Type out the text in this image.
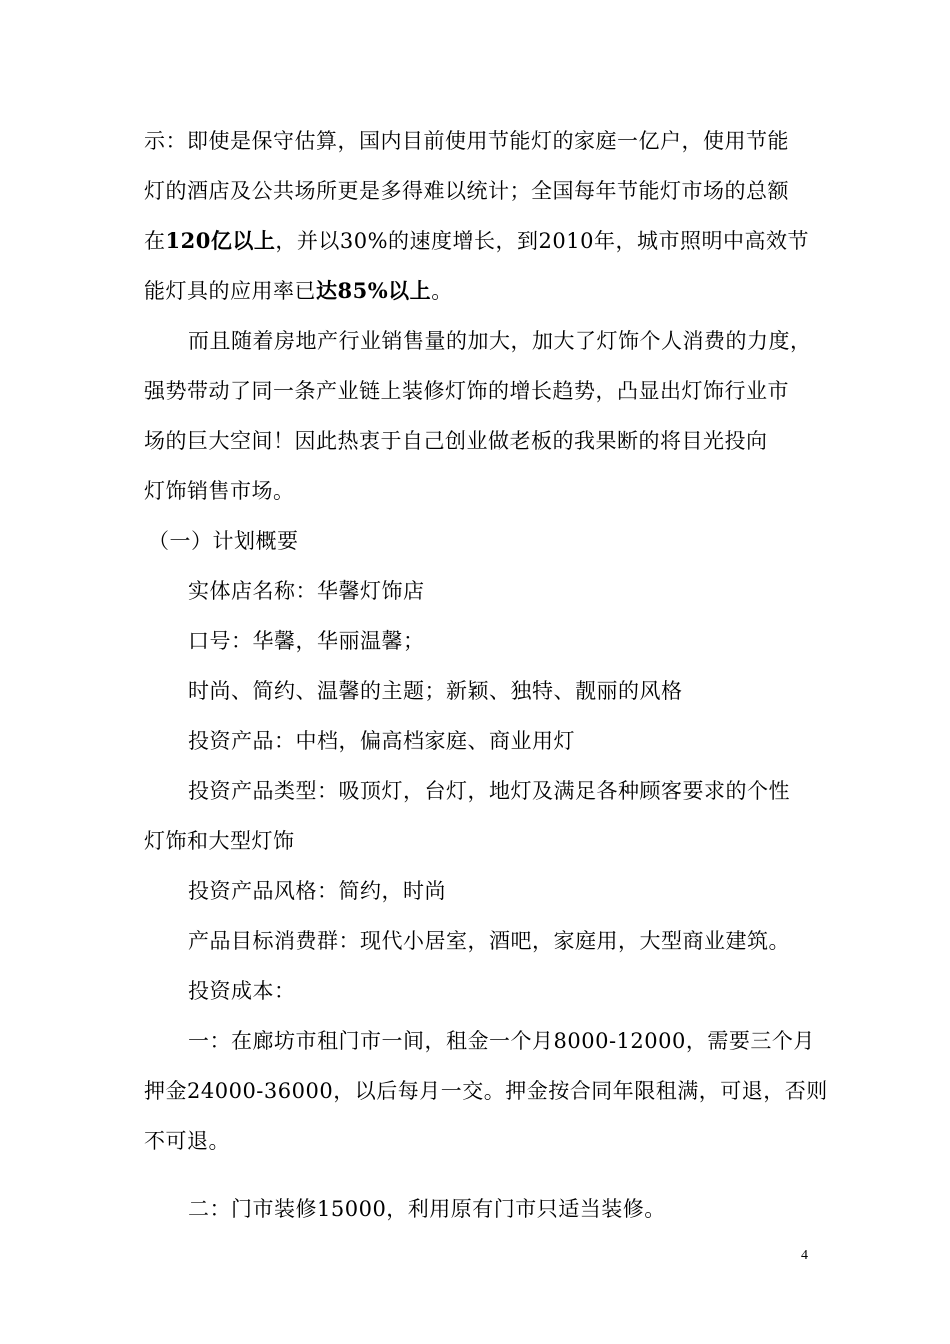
示：即使是保守估算，国内目前使用节能灯的家庭一亿户，使用节能
灯的酒店及公共场所更是多得难以统计；全国每年节能灯市场的总额
在120亿以上，并以30%的速度增长，到2010年，城市照明中高效节
能灯具的应用率已达85%以上。
而且随着房地产行业销售量的加大，加大了灯饰个人消费的力度，
强势带动了同一条产业链上装修灯饰的增长趋势，凸显出灯饰行业市
场的巨大空间！因此热衷于自己创业做老板的我果断的将目光投向
灯饰销售市场。
（一）计划概要
实体店名称：华馨灯饰店
口号：华馨，华丽温馨；
时尚、简约、温馨的主题；新颖、独特、靓丽的风格
投资产品：中档，偏高档家庭、商业用灯
投资产品类型：吸顶灯，台灯，地灯及满足各种顾客要求的个性
灯饰和大型灯饰
投资产品风格：简约，时尚
产品目标消费群：现代小居室，酒吧，家庭用，大型商业建筑。
投资成本：
一：在廊坊市租门市一间，租金一个月8000-12000，需要三个月
押金24000-36000，以后每月一交。押金按合同年限租满，可退，否则
不可退。
二：门市装修15000，利用原有门市只适当装修。
4
